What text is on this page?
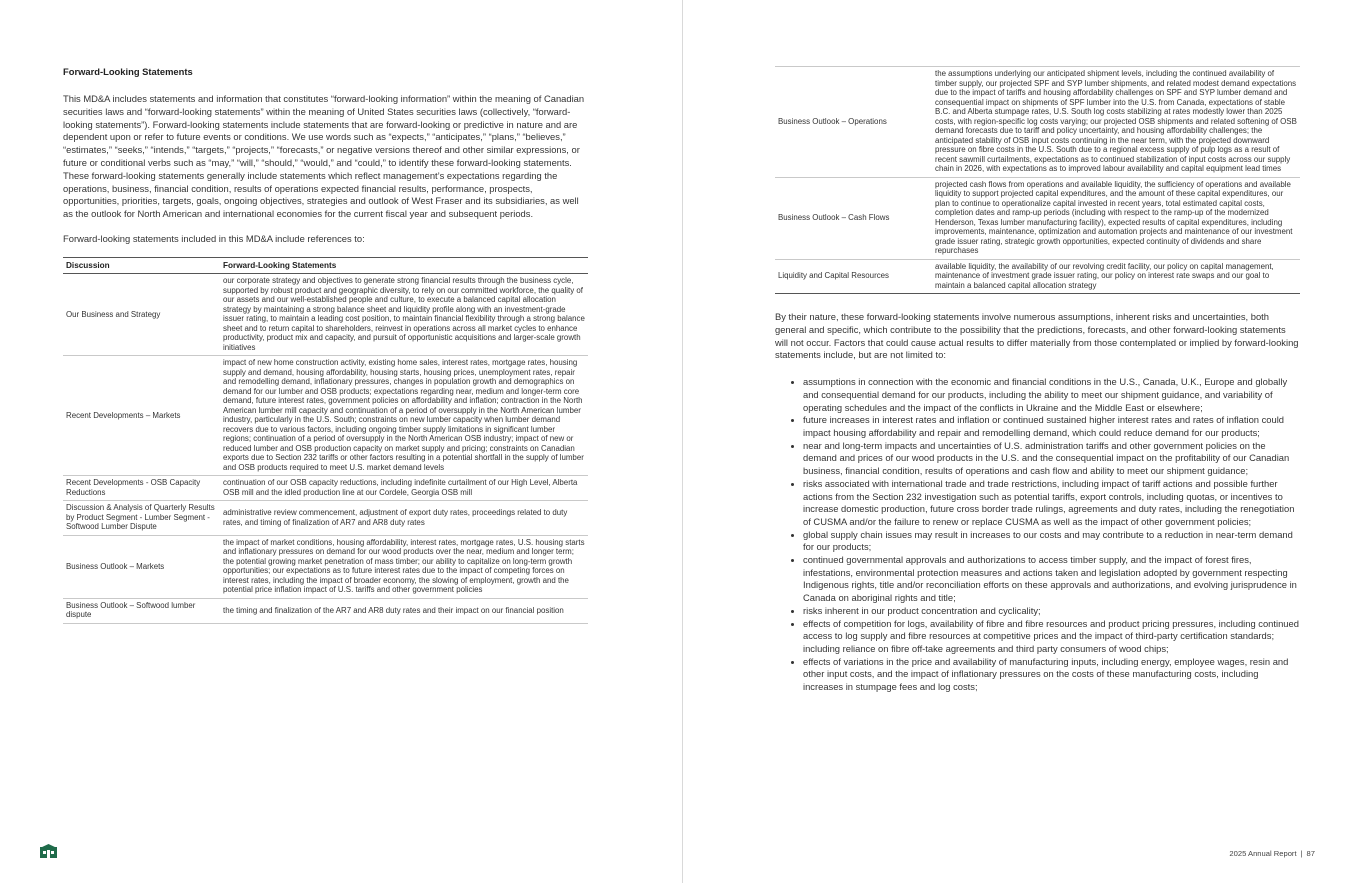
Forward-Looking Statements

This MD&A includes statements and information that constitutes “forward-looking information” within the meaning of Canadian securities laws and “forward-looking statements” within the meaning of United States securities laws (collectively, “forward-looking statements”). Forward-looking statements include statements that are forward-looking or predictive in nature and are dependent upon or refer to future events or conditions. We use words such as “expects,” “anticipates,” “plans,” “believes,” “estimates,” “seeks,” “intends,” “targets,” “projects,” “forecasts,” or negative versions thereof and other similar expressions, or future or conditional verbs such as “may,” “will,” “should,” “would,” and “could,” to identify these forward-looking statements. These forward-looking statements generally include statements which reflect management’s expectations regarding the operations, business, financial condition, results of operations expected financial results, performance, prospects, opportunities, priorities, targets, goals, ongoing objectives, strategies and outlook of West Fraser and its subsidiaries, as well as the outlook for North American and international economies for the current fiscal year and subsequent periods.

Forward-looking statements included in this MD&A include references to:

Discussion	Forward-Looking Statements
Our Business and Strategy	our corporate strategy and objectives to generate strong financial results through the business cycle, supported by robust product and geographic diversity, to rely on our committed workforce, the quality of our assets and our well-established people and culture, to execute a balanced capital allocation strategy by maintaining a strong balance sheet and liquidity profile along with an investment-grade issuer rating, to maintain a leading cost position, to maintain financial flexibility through a strong balance sheet and to return capital to shareholders, reinvest in operations across all market cycles to enhance productivity, product mix and capacity, and pursuit of opportunistic acquisitions and larger-scale growth initiatives
Recent Developments – Markets	impact of new home construction activity, existing home sales, interest rates, mortgage rates, housing supply and demand, housing affordability, housing starts, housing prices, unemployment rates, repair and remodelling demand, inflationary pressures, changes in population growth and demographics on demand for our lumber and OSB products; expectations regarding near, medium and longer-term core demand, future interest rates, government policies on affordability and inflation; contraction in the North American lumber mill capacity and continuation of a period of oversupply in the North American lumber industry, particularly in the U.S. South; constraints on new lumber capacity when lumber demand recovers due to various factors, including ongoing timber supply limitations in significant lumber regions; continuation of a period of oversupply in the North American OSB industry; impact of new or reduced lumber and OSB production capacity on market supply and pricing; constraints on Canadian exports due to Section 232 tariffs or other factors resulting in a potential shortfall in the supply of lumber and OSB products required to meet U.S. market demand levels
Recent Developments - OSB Capacity Reductions	continuation of our OSB capacity reductions, including indefinite curtailment of our High Level, Alberta OSB mill and the idled production line at our Cordele, Georgia OSB mill
Discussion & Analysis of Quarterly Results by Product Segment - Lumber Segment - Softwood Lumber Dispute	administrative review commencement, adjustment of export duty rates, proceedings related to duty rates, and timing of finalization of AR7 and AR8 duty rates
Business Outlook – Markets	the impact of market conditions, housing affordability, interest rates, mortgage rates, U.S. housing starts and inflationary pressures on demand for our wood products over the near, medium and longer term; the potential growing market penetration of mass timber; our ability to capitalize on long-term growth opportunities; our expectations as to future interest rates due to the impact of competing forces on interest rates, including the impact of broader economy, the slowing of employment, growth and the potential price inflation impact of U.S. tariffs and other government policies
Business Outlook – Softwood lumber dispute	the timing and finalization of the AR7 and AR8 duty rates and their impact on our financial position
Business Outlook – Operations	the assumptions underlying our anticipated shipment levels, including the continued availability of timber supply, our projected SPF and SYP lumber shipments, and related modest demand expectations due to the impact of tariffs and housing affordability challenges on SPF and SYP lumber demand and consequential impact on shipments of SPF lumber into the U.S. from Canada, expectations of stable B.C. and Alberta stumpage rates, U.S. South log costs stabilizing at rates modestly lower than 2025 costs, with region-specific log costs varying; our projected OSB shipments and related softening of OSB demand forecasts due to tariff and policy uncertainty, and housing affordability challenges; the anticipated stability of OSB input costs continuing in the near term, with the projected downward pressure on fibre costs in the U.S. South due to a regional excess supply of pulp logs as a result of recent sawmill curtailments, expectations as to continued stabilization of input costs across our supply chain in 2026, with expectations as to improved labour availability and capital equipment lead times
Business Outlook – Cash Flows	projected cash flows from operations and available liquidity, the sufficiency of operations and available liquidity to support projected capital expenditures, and the amount of these capital expenditures, our plan to continue to operationalize capital invested in recent years, total estimated capital costs, completion dates and ramp-up periods (including with respect to the ramp-up of the modernized Henderson, Texas lumber manufacturing facility), expected results of capital expenditures, including improvements, maintenance, optimization and automation projects and maintenance of our investment grade issuer rating, strategic growth opportunities, expected continuity of dividends and share repurchases
Liquidity and Capital Resources	available liquidity, the availability of our revolving credit facility, our policy on capital management, maintenance of investment grade issuer rating, our policy on interest rate swaps and our goal to maintain a balanced capital allocation strategy

By their nature, these forward-looking statements involve numerous assumptions, inherent risks and uncertainties, both general and specific, which contribute to the possibility that the predictions, forecasts, and other forward-looking statements will not occur. Factors that could cause actual results to differ materially from those contemplated or implied by forward-looking statements include, but are not limited to:

• assumptions in connection with the economic and financial conditions in the U.S., Canada, U.K., Europe and globally and consequential demand for our products, including the ability to meet our shipment guidance, and variability of operating schedules and the impact of the conflicts in Ukraine and the Middle East or elsewhere;
• future increases in interest rates and inflation or continued sustained higher interest rates and rates of inflation could impact housing affordability and repair and remodelling demand, which could reduce demand for our products;
• near and long-term impacts and uncertainties of U.S. administration tariffs and other government policies on the demand and prices of our wood products in the U.S. and the consequential impact on the profitability of our Canadian business, financial condition, results of operations and cash flow and ability to meet our shipment guidance;
• risks associated with international trade and trade restrictions, including impact of tariff actions and possible further actions from the Section 232 investigation such as potential tariffs, export controls, including quotas, or incentives to increase domestic production, future cross border trade rulings, agreements and duty rates, including the renegotiation of CUSMA and/or the failure to renew or replace CUSMA as well as the impact of other government policies;
• global supply chain issues may result in increases to our costs and may contribute to a reduction in near-term demand for our products;
• continued governmental approvals and authorizations to access timber supply, and the impact of forest fires, infestations, environmental protection measures and actions taken and legislation adopted by government respecting Indigenous rights, title and/or reconciliation efforts on these approvals and authorizations, and evolving jurisprudence in Canada on aboriginal rights and title;
• risks inherent in our product concentration and cyclicality;
• effects of competition for logs, availability of fibre and fibre resources and product pricing pressures, including continued access to log supply and fibre resources at competitive prices and the impact of third-party certification standards; including reliance on fibre off-take agreements and third party consumers of wood chips;
• effects of variations in the price and availability of manufacturing inputs, including energy, employee wages, resin and other input costs, and the impact of inflationary pressures on the costs of these manufacturing costs, including increases in stumpage fees and log costs;
2025 Annual Report | 87
